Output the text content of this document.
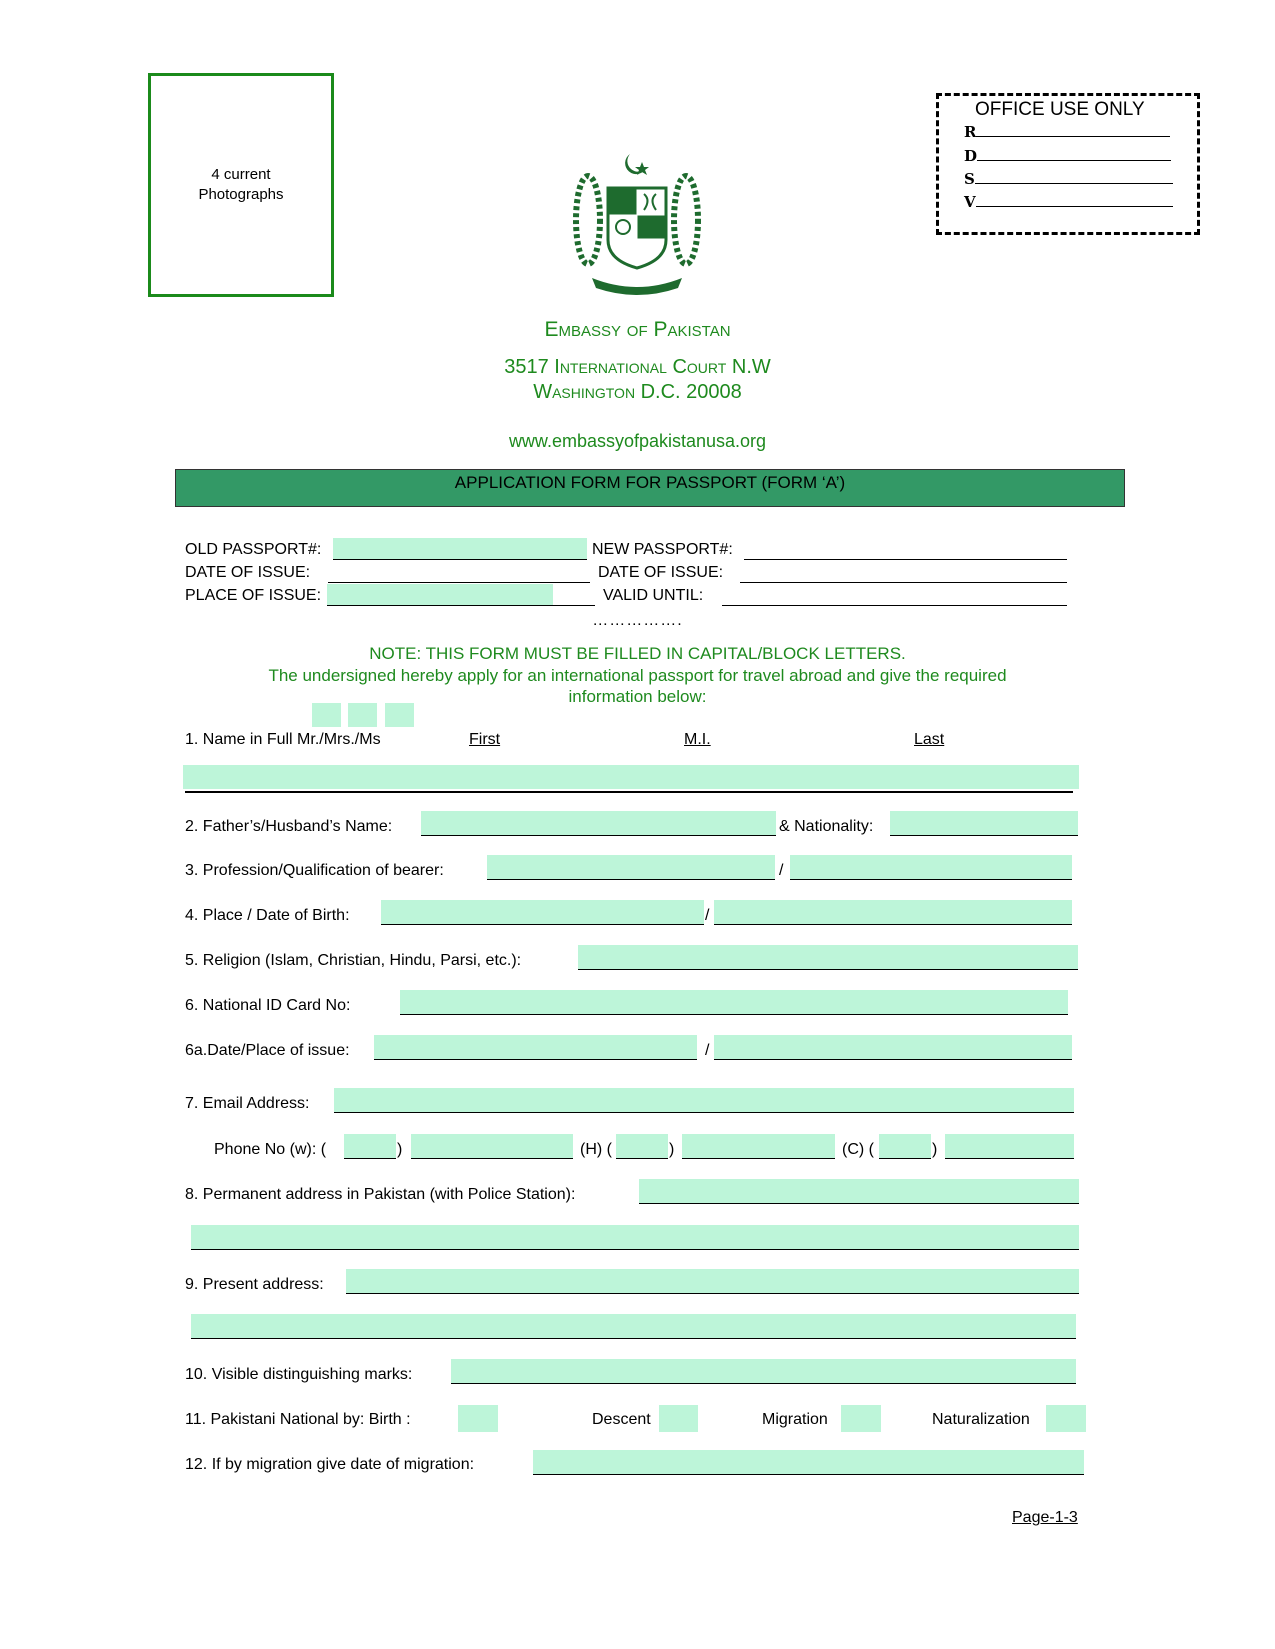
4 current
Photographs
OFFICE USE ONLY
R
D
S
V
Embassy of Pakistan
3517 International Court N.W
Washington D.C. 20008
www.embassyofpakistanusa.org
APPLICATION FORM FOR PASSPORT (FORM ‘A’)
OLD PASSPORT#:	NEW PASSPORT#:
DATE OF ISSUE:	DATE OF ISSUE:
PLACE OF ISSUE:	VALID UNTIL:
…………….
NOTE: THIS FORM MUST BE FILLED IN CAPITAL/BLOCK LETTERS.
The undersigned hereby apply for an international passport for travel abroad and give the required
information below:
1. Name in Full Mr./Mrs./Ms	First	M.I.	Last
2. Father’s/Husband’s Name:	& Nationality:
3. Profession/Qualification of bearer:	/
4. Place / Date of Birth:	/
5. Religion (Islam, Christian, Hindu, Parsi, etc.):
6. National ID Card No:
6a.Date/Place of issue:	/
7. Email Address:
Phone No (w): (	)	(H) (	)	(C) (	)
8. Permanent address in Pakistan (with Police Station):
9. Present address:
10. Visible distinguishing marks:
11. Pakistani National by: Birth :	Descent	Migration	Naturalization
12. If by migration give date of migration:
Page-1-3
